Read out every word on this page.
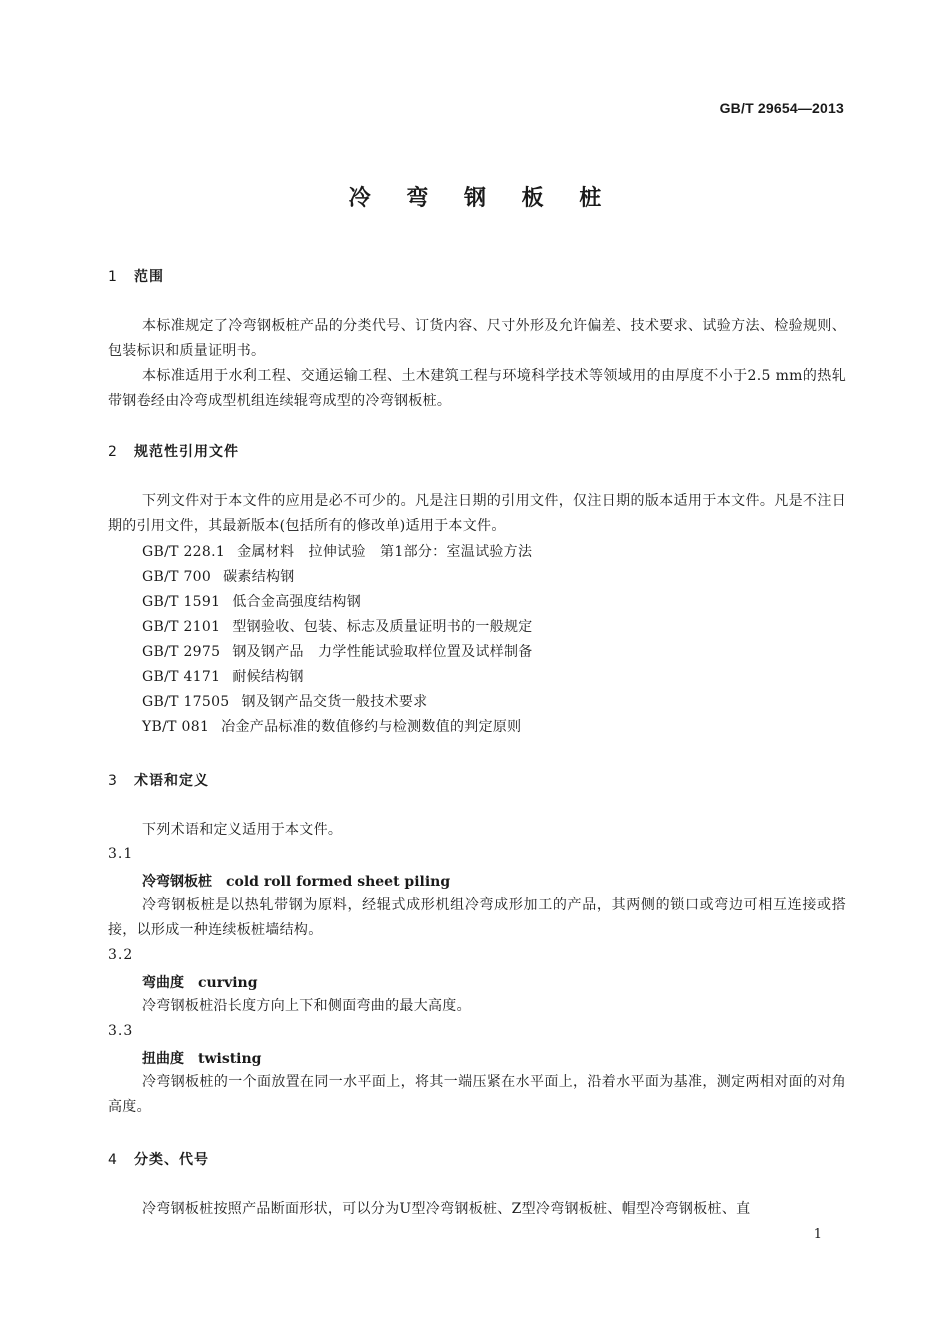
GB/T 29654—2013
冷 弯 钢 板 桩
1 范围
本标准规定了冷弯钢板桩产品的分类代号、订货内容、尺寸外形及允许偏差、技术要求、试验方法、检验规则、包装标识和质量证明书。
本标准适用于水利工程、交通运输工程、土木建筑工程与环境科学技术等领域用的由厚度不小于2.5 mm的热轧带钢卷经由冷弯成型机组连续辊弯成型的冷弯钢板桩。
2 规范性引用文件
下列文件对于本文件的应用是必不可少的。凡是注日期的引用文件，仅注日期的版本适用于本文件。凡是不注日期的引用文件，其最新版本(包括所有的修改单)适用于本文件。
GB/T 228.1 金属材料　拉伸试验　第1部分：室温试验方法
GB/T 700 碳素结构钢
GB/T 1591 低合金高强度结构钢
GB/T 2101 型钢验收、包装、标志及质量证明书的一般规定
GB/T 2975 钢及钢产品　力学性能试验取样位置及试样制备
GB/T 4171 耐候结构钢
GB/T 17505 钢及钢产品交货一般技术要求
YB/T 081 冶金产品标准的数值修约与检测数值的判定原则
3 术语和定义
下列术语和定义适用于本文件。
3.1
冷弯钢板桩 cold roll formed sheet piling
冷弯钢板桩是以热轧带钢为原料，经辊式成形机组冷弯成形加工的产品，其两侧的锁口或弯边可相互连接或搭接，以形成一种连续板桩墙结构。
3.2
弯曲度 curving
冷弯钢板桩沿长度方向上下和侧面弯曲的最大高度。
3.3
扭曲度 twisting
冷弯钢板桩的一个面放置在同一水平面上，将其一端压紧在水平面上，沿着水平面为基准，测定两相对面的对角高度。
4 分类、代号
冷弯钢板桩按照产品断面形状，可以分为U型冷弯钢板桩、Z型冷弯钢板桩、帽型冷弯钢板桩、直
1
